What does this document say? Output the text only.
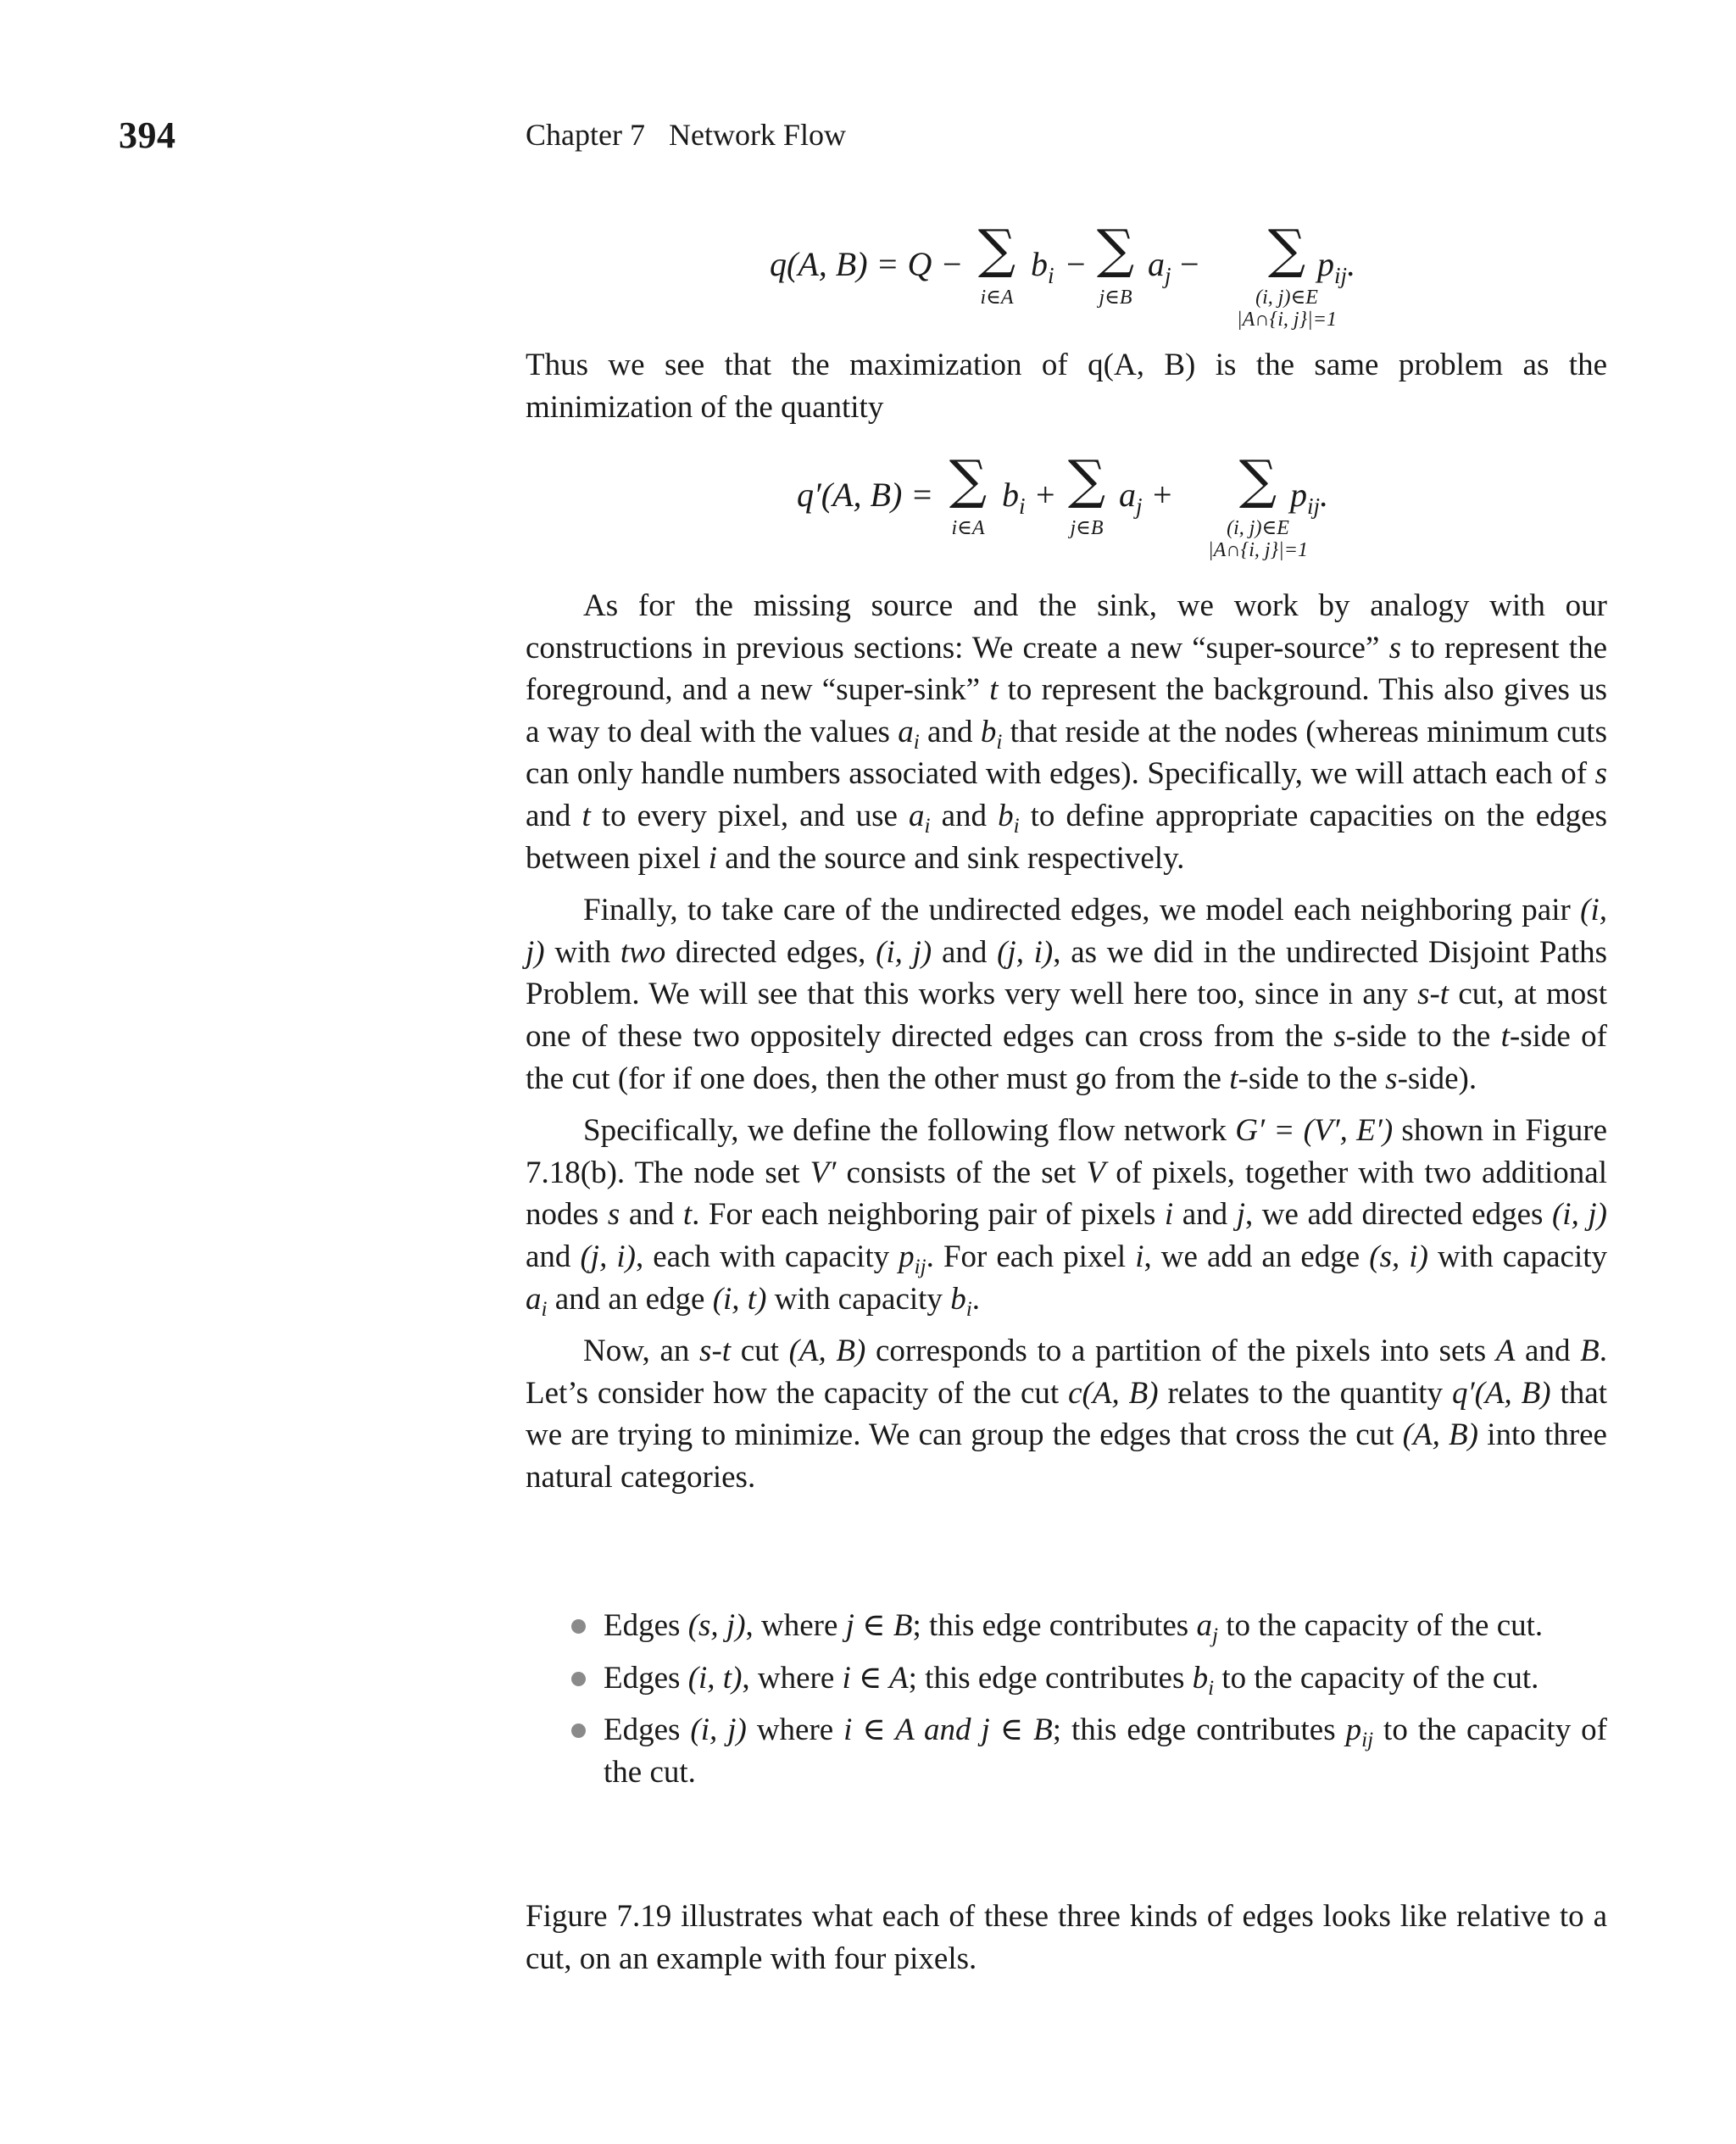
394	Chapter 7 Network Flow
q(A, B) = Q − ∑
i∈A
$b_i$ − ∑
j∈B
$a_j$ −	∑
(i, j)∈E
|A∩{i, j}|=1
$p_{ij}$.

Thus we see that the maximization of q(A, B) is the same problem as the minimization of the quantity

q′(A, B) = ∑
i∈A
$b_i$ + ∑
j∈B
$a_j$ +	∑
(i, j)∈E
|A∩{i, j}|=1
$p_{ij}$.

As for the missing source and the sink, we work by analogy with our constructions in previous sections: We create a new “super-source” s to represent the foreground, and a new “super-sink” t to represent the background. This also gives us a way to deal with the values $a_i$ and $b_i$ that reside at the nodes (whereas minimum cuts can only handle numbers associated with edges). Specifically, we will attach each of s and t to every pixel, and use $a_i$ and $b_i$ to define appropriate capacities on the edges between pixel i and the source and sink respectively.

Finally, to take care of the undirected edges, we model each neighboring pair (i, j) with two directed edges, (i, j) and (j, i), as we did in the undirected Disjoint Paths Problem. We will see that this works very well here too, since in any s-t cut, at most one of these two oppositely directed edges can cross from the s-side to the t-side of the cut (for if one does, then the other must go from the t-side to the s-side).

Specifically, we define the following flow network G′ = (V′, E′) shown in Figure 7.18(b). The node set V′ consists of the set V of pixels, together with two additional nodes s and t. For each neighboring pair of pixels i and j, we add directed edges (i, j) and (j, i), each with capacity $p_{ij}$. For each pixel i, we add an edge (s, i) with capacity $a_i$ and an edge (i, t) with capacity $b_i$.

Now, an s-t cut (A, B) corresponds to a partition of the pixels into sets A and B. Let’s consider how the capacity of the cut c(A, B) relates to the quantity q′(A, B) that we are trying to minimize. We can group the edges that cross the cut (A, B) into three natural categories.

Edges (s, j), where j ∈ B; this edge contributes $a_j$ to the capacity of the cut.
Edges (i, t), where i ∈ A; this edge contributes $b_i$ to the capacity of the cut.
Edges (i, j) where i ∈ A and j ∈ B; this edge contributes $p_{ij}$ to the capacity of the cut.

Figure 7.19 illustrates what each of these three kinds of edges looks like relative to a cut, on an example with four pixels.
